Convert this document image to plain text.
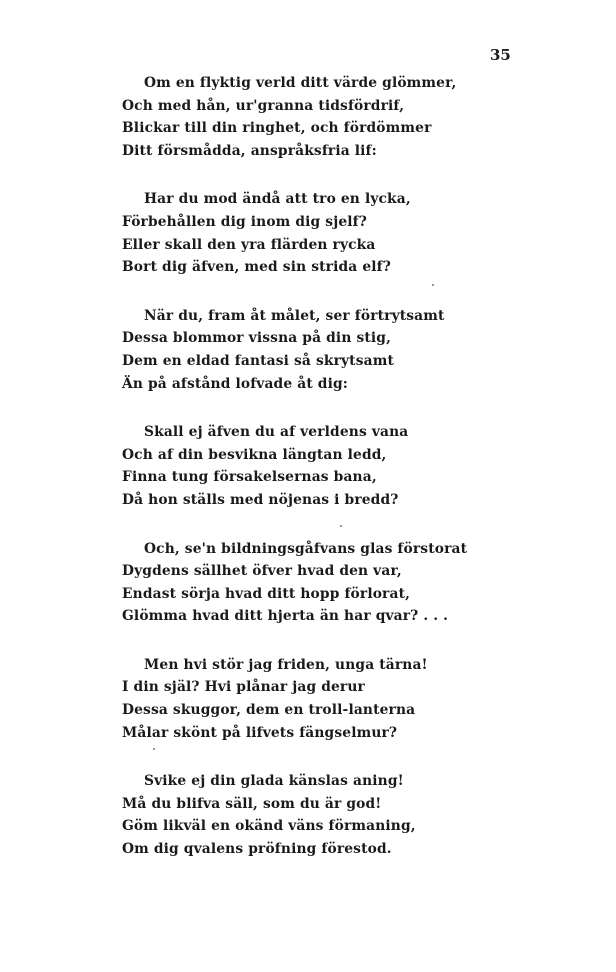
35
Om en flyktig verld ditt värde glömmer,
Och med hån, ur'granna tidsfördrif,
Blickar till din ringhet, och fördömmer
Ditt försmådda, anspråksfria lif:
Har du mod ändå att tro en lycka,
Förbehållen dig inom dig sjelf?
Eller skall den yra flärden rycka
Bort dig äfven, med sin strida elf?
När du, fram åt målet, ser förtrytsamt
Dessa blommor vissna på din stig,
Dem en eldad fantasi så skrytsamt
Än på afstånd lofvade åt dig:
Skall ej äfven du af verldens vana
Och af din besvikna längtan ledd,
Finna tung försakelsernas bana,
Då hon ställs med nöjenas i bredd?
Och, se'n bildningsgåfvans glas förstorat
Dygdens sällhet öfver hvad den var,
Endast sörja hvad ditt hopp förlorat,
Glömma hvad ditt hjerta än har qvar? . . .
Men hvi stör jag friden, unga tärna!
I din själ? Hvi plånar jag derur
Dessa skuggor, dem en troll-lanterna
Målar skönt på lifvets fängselmur?
Svike ej din glada känslas aning!
Må du blifva säll, som du är god!
Göm likväl en okänd väns förmaning,
Om dig qvalens pröfning förestod.
